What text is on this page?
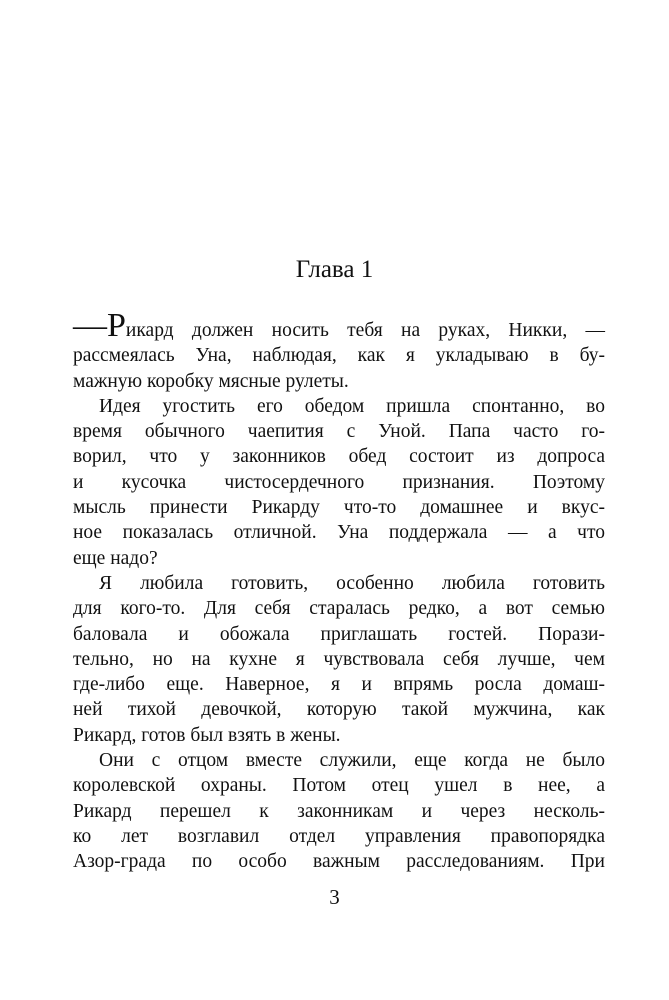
Глава 1
—Рикард должен носить тебя на руках, Никки, —
рассмеялась Уна, наблюдая, как я укладываю в бу-
мажную коробку мясные рулеты.
Идея угостить его обедом пришла спонтанно, во
время обычного чаепития с Уной. Папа часто го-
ворил, что у законников обед состоит из допроса
и кусочка чистосердечного признания. Поэтому
мысль принести Рикарду что-то домашнее и вкус-
ное показалась отличной. Уна поддержала — а что
еще надо?
Я любила готовить, особенно любила готовить
для кого-то. Для себя старалась редко, а вот семью
баловала и обожала приглашать гостей. Порази-
тельно, но на кухне я чувствовала себя лучше, чем
где-либо еще. Наверное, я и впрямь росла домаш-
ней тихой девочкой, которую такой мужчина, как
Рикард, готов был взять в жены.
Они с отцом вместе служили, еще когда не было
королевской охраны. Потом отец ушел в нее, а
Рикард перешел к законникам и через несколь-
ко лет возглавил отдел управления правопорядка
Азор-града по особо важным расследованиям. При
3
